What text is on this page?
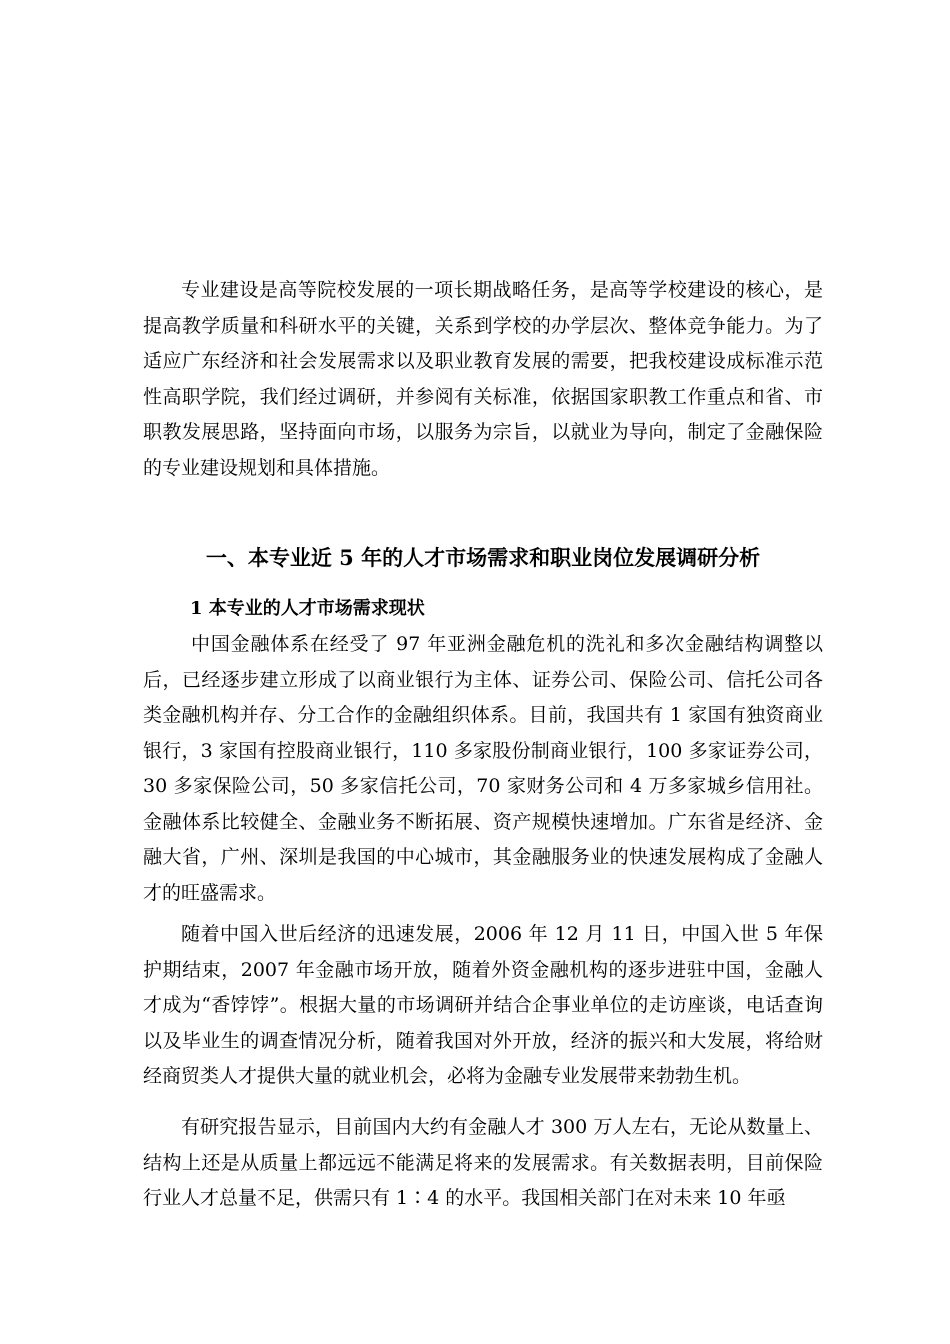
专业建设是高等院校发展的一项长期战略任务，是高等学校建设的核心，是提高教学质量和科研水平的关键，关系到学校的办学层次、整体竞争能力。为了适应广东经济和社会发展需求以及职业教育发展的需要，把我校建设成标准示范性高职学院，我们经过调研，并参阅有关标准，依据国家职教工作重点和省、市职教发展思路，坚持面向市场，以服务为宗旨，以就业为导向，制定了金融保险的专业建设规划和具体措施。

一、本专业近 5 年的人才市场需求和职业岗位发展调研分析
1 本专业的人才市场需求现状

中国金融体系在经受了 97 年亚洲金融危机的洗礼和多次金融结构调整以后，已经逐步建立形成了以商业银行为主体、证券公司、保险公司、信托公司各类金融机构并存、分工合作的金融组织体系。目前，我国共有 1 家国有独资商业银行，3 家国有控股商业银行，110 多家股份制商业银行，100 多家证券公司，30 多家保险公司，50 多家信托公司，70 家财务公司和 4 万多家城乡信用社。金融体系比较健全、金融业务不断拓展、资产规模快速增加。广东省是经济、金融大省，广州、深圳是我国的中心城市，其金融服务业的快速发展构成了金融人才的旺盛需求。

随着中国入世后经济的迅速发展，2006 年 12 月 11 日，中国入世 5 年保护期结束，2007 年金融市场开放，随着外资金融机构的逐步进驻中国，金融人才成为“香饽饽”。根据大量的市场调研并结合企事业单位的走访座谈，电话查询以及毕业生的调查情况分析，随着我国对外开放，经济的振兴和大发展，将给财经商贸类人才提供大量的就业机会，必将为金融专业发展带来勃勃生机。

有研究报告显示，目前国内大约有金融人才 300 万人左右，无论从数量上、结构上还是从质量上都远远不能满足将来的发展需求。有关数据表明，目前保险行业人才总量不足，供需只有 1∶4 的水平。我国相关部门在对未来 10 年亟
